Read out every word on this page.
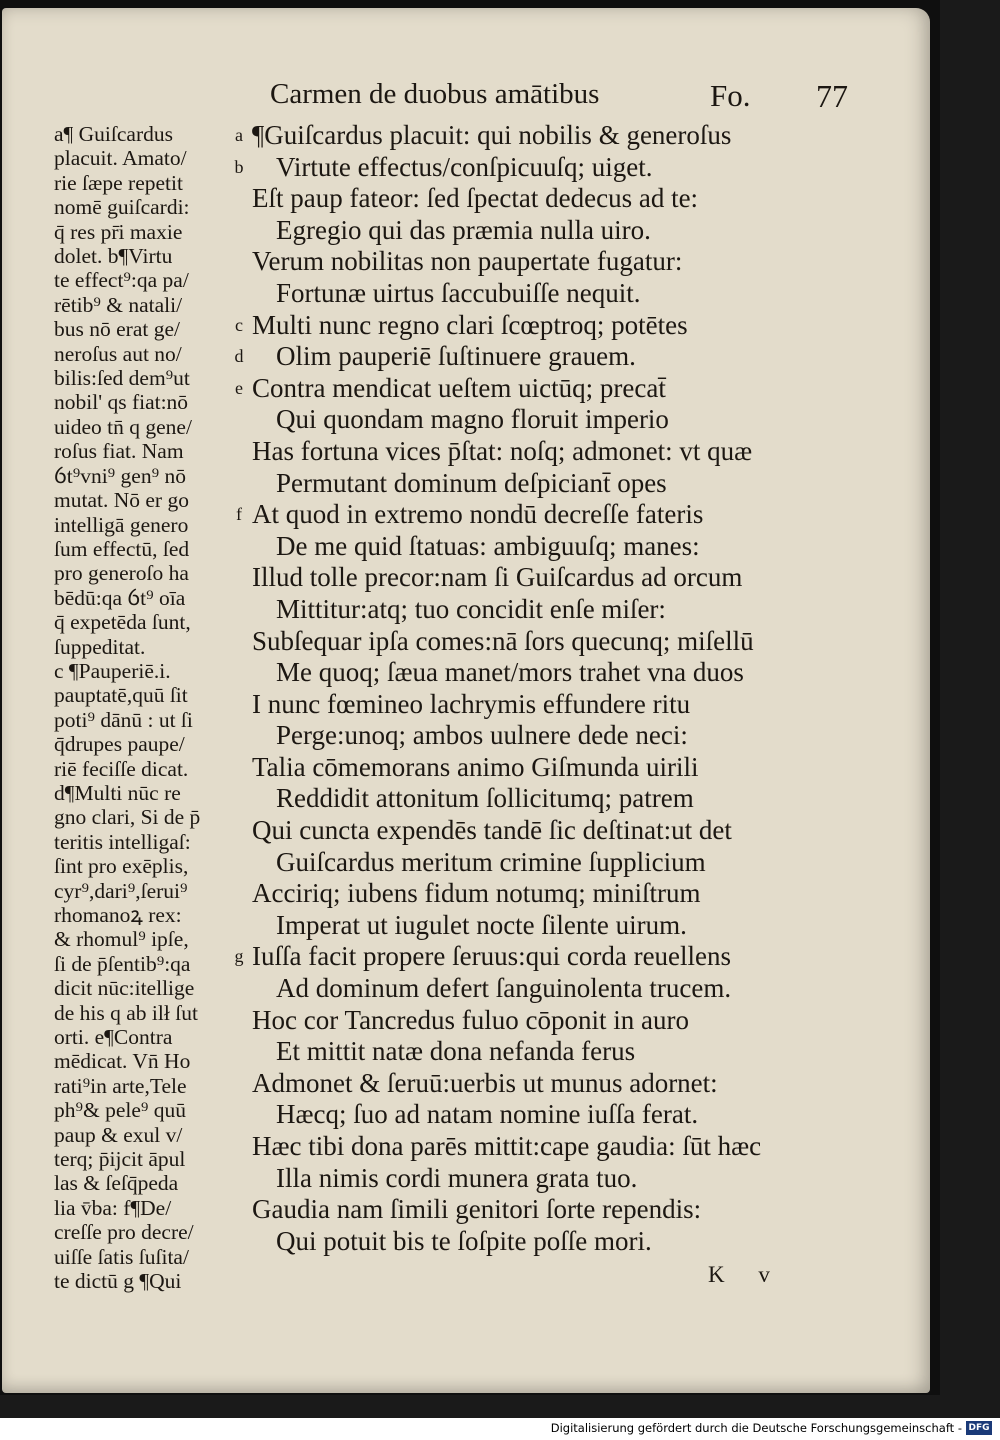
Carmen de duobus amātibus	Fo. 77
a¶ Guiſcardus
placuit. Amato/
rie ſæpe repetit
nomē guiſcardi:
q̄ res pr̄i maxie
dolet. b¶Virtu
te effect⁹:qa pa/
rētib⁹ & natali/
bus nō erat ge/
neroſus aut no/
bilis:ſed dem⁹ut
nobil' qs fiat:nō
uideo tn̄ q gene/
roſus fiat. Nam
ỽt⁹vni⁹ gen⁹ nō
mutat. Nō er go
intelligā genero
ſum effectū, ſed
pro generoſo ha
bēdū:qa ỽt⁹ oīa
q̄ expetēda ſunt,
ſuppeditat.
c ¶Pauperiē.i.
pauptatē,quū ſit
poti⁹ dānū : ut ſi
q̄drupes paupe/
riē feciſſe dicat.
d¶Multi nūc re
gno clari, Si de p̄
teritis intelligaſ:
ſint pro exēplis,
cyr⁹,dari⁹,ſerui⁹
rhomanoꝝ rex:
& rhomul⁹ ipſe,
ſi de p̄ſentib⁹:qa
dicit nūc:itellige
de his q ab ilł ſut
orti. e¶Contra
mēdicat. Vn̄ Ho
rati⁹in arte,Tele
ph⁹& pele⁹ quū
paup & exul v/
terq; p̄ijcit āpul
las & ſeſq̄peda
lia v̄ba: f¶De/
creſſe pro decre/
uiſſe ſatis ſuſita/
te dictū g ¶Qui
a ¶Guiſcardus placuit: qui nobilis & generoſus
b Virtute effectus/conſpicuuſq; uiget.
Eſt paup fateor: ſed ſpectat dedecus ad te:
Egregio qui das præmia nulla uiro.
Verum nobilitas non paupertate fugatur:
Fortunæ uirtus ſaccubuiſſe nequit.
c Multi nunc regno clari ſcœptroq; potētes
d Olim pauperiē ſuſtinuere grauem.
e Contra mendicat ueſtem uictūq; precat̄
Qui quondam magno floruit imperio
Has fortuna vices p̄ſtat: noſq; admonet: vt quæ
Permutant dominum deſpiciant̄ opes
f At quod in extremo nondū decreſſe fateris
De me quid ſtatuas: ambiguuſq; manes:
Illud tolle precor:nam ſi Guiſcardus ad orcum
Mittitur:atq; tuo concidit enſe miſer:
Subſequar ipſa comes:nā ſors quecunq; miſellū
Me quoq; ſæua manet/mors trahet vna duos
I nunc fœmineo lachrymis effundere ritu
Perge:unoq; ambos uulnere dede neci:
Talia cōmemorans animo Giſmunda uirili
Reddidit attonitum ſollicitumq; patrem
Qui cuncta expendēs tandē ſic deſtinat:ut det
Guiſcardus meritum crimine ſupplicium
Acciriq; iubens fidum notumq; miniſtrum
Imperat ut iugulet nocte ſilente uirum.
g Iuſſa facit propere ſeruus:qui corda reuellens
Ad dominum defert ſanguinolenta trucem.
Hoc cor Tancredus fuluo cōponit in auro
Et mittit natæ dona nefanda ferus
Admonet & ſeruū:uerbis ut munus adornet:
Hæcq; ſuo ad natam nomine iuſſa ferat.
Hæc tibi dona parēs mittit:cape gaudia: ſūt hæc
Illa nimis cordi munera grata tuo.
Gaudia nam ſimili genitori ſorte rependis:
Qui potuit bis te ſoſpite poſſe mori.
K v
Digitalisierung gefördert durch die Deutsche Forschungsgemeinschaft - DFG
